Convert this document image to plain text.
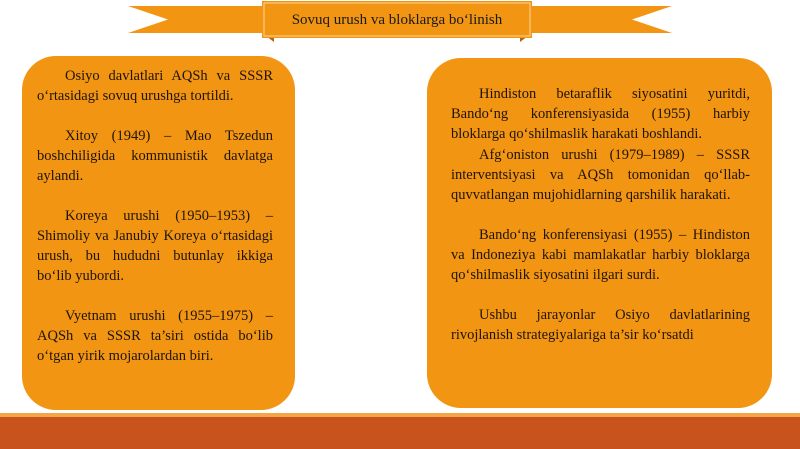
Sovuq urush va bloklarga bo‘linish

Osiyo davlatlari AQSh va SSSR o‘rtasidagi sovuq urushga tortildi.

Xitoy (1949) – Mao Tszedun boshchiligida kommunistik davlatga aylandi.

Koreya urushi (1950–1953) – Shimoliy va Janubiy Koreya o‘rtasidagi urush, bu hududni butunlay ikkiga bo‘lib yubordi.

Vyetnam urushi (1955–1975) – AQSh va SSSR ta’siri ostida bo‘lib o‘tgan yirik mojarolardan biri.

Hindiston betaraflik siyosatini yuritdi, Bando‘ng konferensiyasida (1955) harbiy bloklarga qo‘shilmaslik harakati boshlandi.

Afg‘oniston urushi (1979–1989) – SSSR interventsiyasi va AQSh tomonidan qo‘llab-quvvatlangan mujohidlarning qarshilik harakati.

Bando‘ng konferensiyasi (1955) – Hindiston va Indoneziya kabi mamlakatlar harbiy bloklarga qo‘shilmaslik siyosatini ilgari surdi.

Ushbu jarayonlar Osiyo davlatlarining rivojlanish strategiyalariga ta’sir ko‘rsatdi
